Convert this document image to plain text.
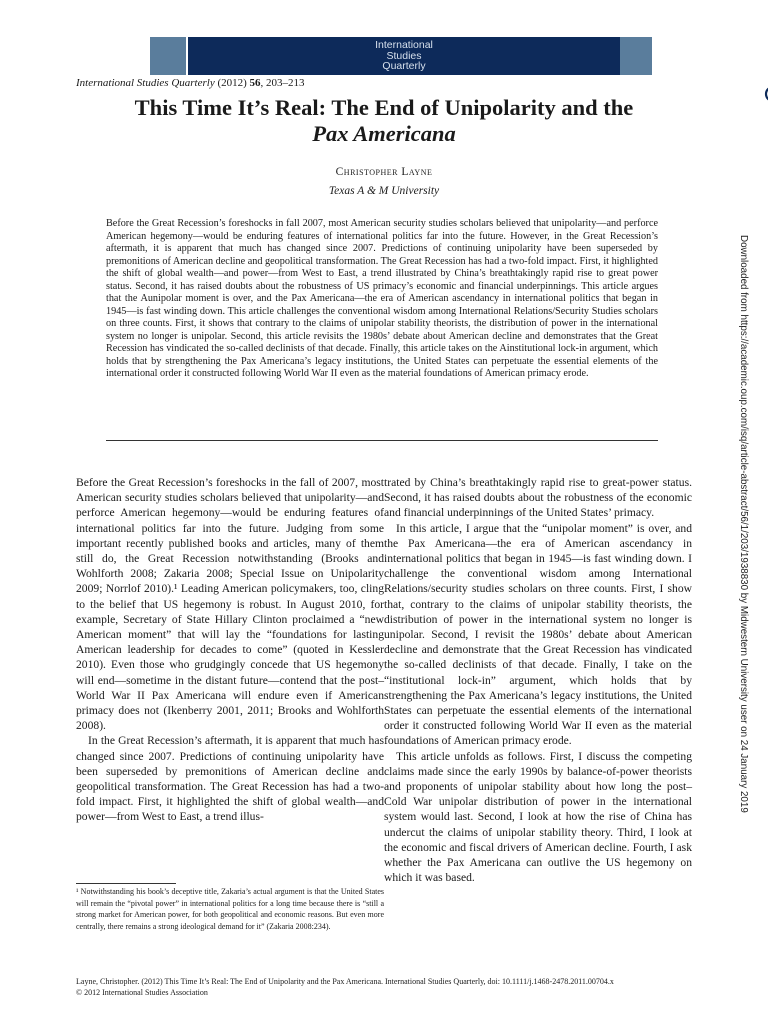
International
Studies
Quarterly
International Studies Quarterly (2012) 56, 203–213
This Time It’s Real: The End of Unipolarity and the
Pax Americana
Christopher Layne
Texas A & M University
Before the Great Recession’s foreshocks in fall 2007, most American security studies scholars believed that unipolarity—and perforce American hegemony—would be enduring features of international politics far into the future. However, in the Great Recession’s aftermath, it is apparent that much has changed since 2007. Predictions of continuing unipolarity have been superseded by premonitions of American decline and geopolitical transformation. The Great Recession has had a two-fold impact. First, it highlighted the shift of global wealth—and power—from West to East, a trend illustrated by China’s breathtakingly rapid rise to great power status. Second, it has raised doubts about the robustness of US primacy’s economic and financial underpinnings. This article argues that the Aunipolar moment is over, and the Pax Americana—the era of American ascendancy in international politics that began in 1945—is fast winding down. This article challenges the conventional wisdom among International Relations/Security Studies scholars on three counts. First, it shows that contrary to the claims of unipolar stability theorists, the distribution of power in the international system no longer is unipolar. Second, this article revisits the 1980s’ debate about American decline and demonstrates that the Great Recession has vindicated the so-called declinists of that decade. Finally, this article takes on the Ainstitutional lock-in argument, which holds that by strengthening the Pax Americana’s legacy institutions, the United States can perpetuate the essential elements of the international order it constructed following World War II even as the material foundations of American primacy erode.

Before the Great Recession’s foreshocks in the fall of 2007, most American security studies scholars believed that unipolarity—and perforce American hegemony—would be enduring features of international politics far into the future. Judging from some important recently published books and articles, many of them still do, the Great Recession notwithstanding (Brooks and Wohlforth 2008; Zakaria 2008; Special Issue on Unipolarity 2009; Norrlof 2010).¹ Leading American policymakers, too, cling to the belief that US hegemony is robust. In August 2010, for example, Secretary of State Hillary Clinton proclaimed a “new American moment” that will lay the “foundations for lasting American leadership for decades to come” (quoted in Kessler 2010). Even those who grudgingly concede that US hegemony will end—sometime in the distant future—contend that the post–World War II Pax Americana will endure even if American primacy does not (Ikenberry 2001, 2011; Brooks and Wohlforth 2008).

In the Great Recession’s aftermath, it is apparent that much has changed since 2007. Predictions of continuing unipolarity have been superseded by premonitions of American decline and geopolitical transformation. The Great Recession has had a two-fold impact. First, it highlighted the shift of global wealth—and power—from West to East, a trend illus-

trated by China’s breathtakingly rapid rise to great-power status. Second, it has raised doubts about the robustness of the economic and financial underpinnings of the United States’ primacy.

In this article, I argue that the “unipolar moment” is over, and the Pax Americana—the era of American ascendancy in international politics that began in 1945—is fast winding down. I challenge the conventional wisdom among International Relations/security studies scholars on three counts. First, I show that, contrary to the claims of unipolar stability theorists, the distribution of power in the international system no longer is unipolar. Second, I revisit the 1980s’ debate about American decline and demonstrate that the Great Recession has vindicated the so-called declinists of that decade. Finally, I take on the “institutional lock-in” argument, which holds that by strengthening the Pax Americana’s legacy institutions, the United States can perpetuate the essential elements of the international order it constructed following World War II even as the material foundations of American primacy erode.

This article unfolds as follows. First, I discuss the competing claims made since the early 1990s by balance-of-power theorists and proponents of unipolar stability about how long the post–Cold War unipolar distribution of power in the international system would last. Second, I look at how the rise of China has undercut the claims of unipolar stability theory. Third, I look at the economic and fiscal drivers of American decline. Fourth, I ask whether the Pax Americana can outlive the US hegemony on which it was based.

¹ Notwithstanding his book’s deceptive title, Zakaria’s actual argument is that the United States will remain the “pivotal power” in international politics for a long time because there is “still a strong market for American power, for both geopolitical and economic reasons. But even more centrally, there remains a strong ideological demand for it” (Zakaria 2008:234).
Layne, Christopher. (2012) This Time It’s Real: The End of Unipolarity and the Pax Americana. International Studies Quarterly, doi: 10.1111/j.1468-2478.2011.00704.x
© 2012 International Studies Association
Downloaded from https://academic.oup.com/isq/article-abstract/56/1/203/1938830 by Midwestern University user on 24 January 2019
